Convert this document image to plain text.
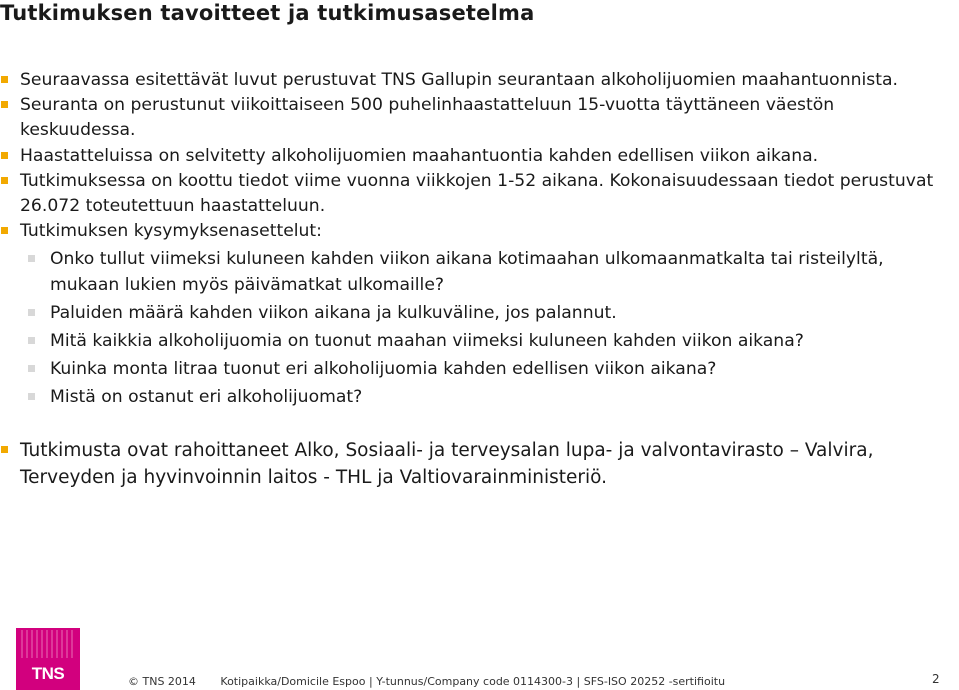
Tutkimuksen tavoitteet ja tutkimusasetelma
Seuraavassa esitettävät luvut perustuvat TNS Gallupin seurantaan alkoholijuomien maahantuonnista.
Seuranta on perustunut viikoittaiseen 500 puhelinhaastatteluun 15-vuotta täyttäneen väestön keskuudessa.
Haastatteluissa on selvitetty alkoholijuomien maahantuontia kahden edellisen viikon aikana.
Tutkimuksessa on koottu tiedot viime vuonna viikkojen 1-52 aikana. Kokonaisuudessaan tiedot perustuvat 26.072 toteutettuun haastatteluun.
Tutkimuksen kysymyksenasettelut:
Onko tullut viimeksi kuluneen kahden viikon aikana kotimaahan ulkomaanmatkalta tai risteilyltä, mukaan lukien myös päivämatkat ulkomaille?
Paluiden määrä kahden viikon aikana ja kulkuväline, jos palannut.
Mitä kaikkia alkoholijuomia on tuonut maahan viimeksi kuluneen kahden viikon aikana?
Kuinka monta litraa tuonut eri alkoholijuomia kahden edellisen viikon aikana?
Mistä on ostanut eri alkoholijuomat?
Tutkimusta ovat rahoittaneet Alko, Sosiaali- ja terveysalan lupa- ja valvontavirasto – Valvira, Terveyden ja hyvinvoinnin laitos - THL ja Valtiovarainministeriö.
TNS	© TNS 2014 Kotipaikka/Domicile Espoo | Y-tunnus/Company code 0114300-3 | SFS-ISO 20252 -sertifioitu	2
